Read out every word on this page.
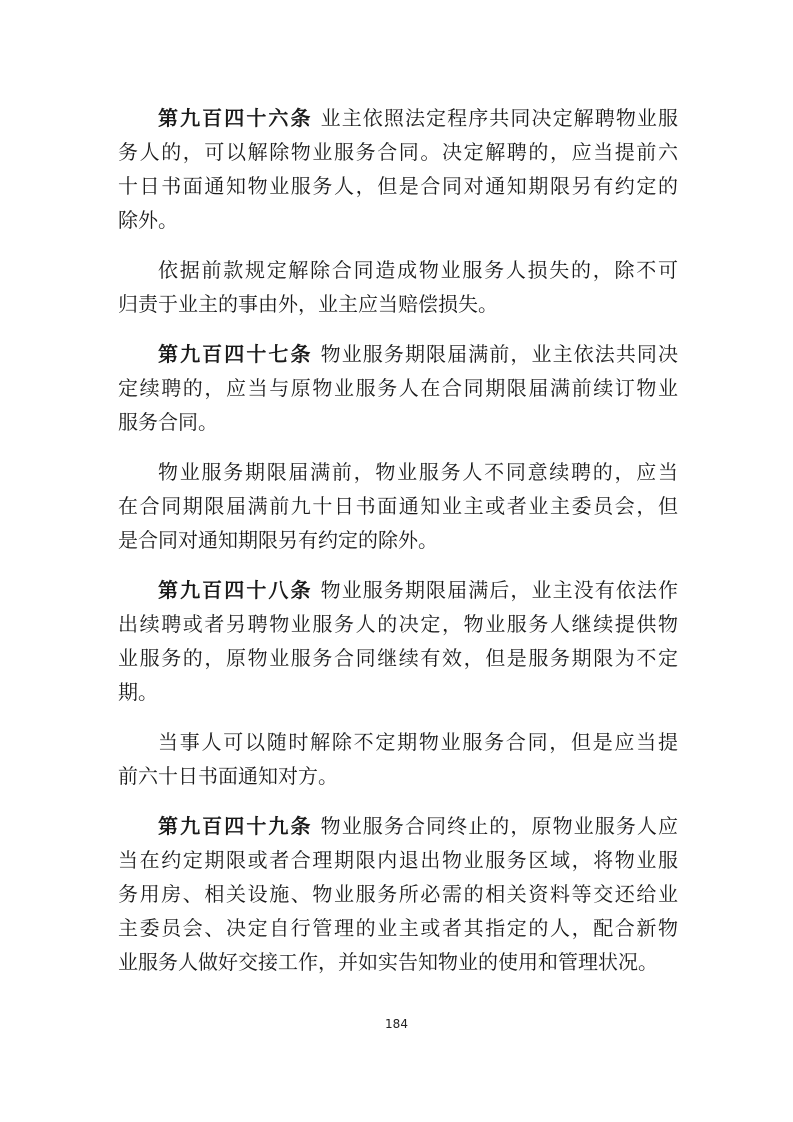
第九百四十六条 业主依照法定程序共同决定解聘物业服
务人的，可以解除物业服务合同。决定解聘的，应当提前六
十日书面通知物业服务人，但是合同对通知期限另有约定的
除外。

依据前款规定解除合同造成物业服务人损失的，除不可
归责于业主的事由外，业主应当赔偿损失。

第九百四十七条 物业服务期限届满前，业主依法共同决
定续聘的，应当与原物业服务人在合同期限届满前续订物业
服务合同。

物业服务期限届满前，物业服务人不同意续聘的，应当
在合同期限届满前九十日书面通知业主或者业主委员会，但
是合同对通知期限另有约定的除外。

第九百四十八条 物业服务期限届满后，业主没有依法作
出续聘或者另聘物业服务人的决定，物业服务人继续提供物
业服务的，原物业服务合同继续有效，但是服务期限为不定
期。

当事人可以随时解除不定期物业服务合同，但是应当提
前六十日书面通知对方。

第九百四十九条 物业服务合同终止的，原物业服务人应
当在约定期限或者合理期限内退出物业服务区域，将物业服
务用房、相关设施、物业服务所必需的相关资料等交还给业
主委员会、决定自行管理的业主或者其指定的人，配合新物
业服务人做好交接工作，并如实告知物业的使用和管理状况。

184
